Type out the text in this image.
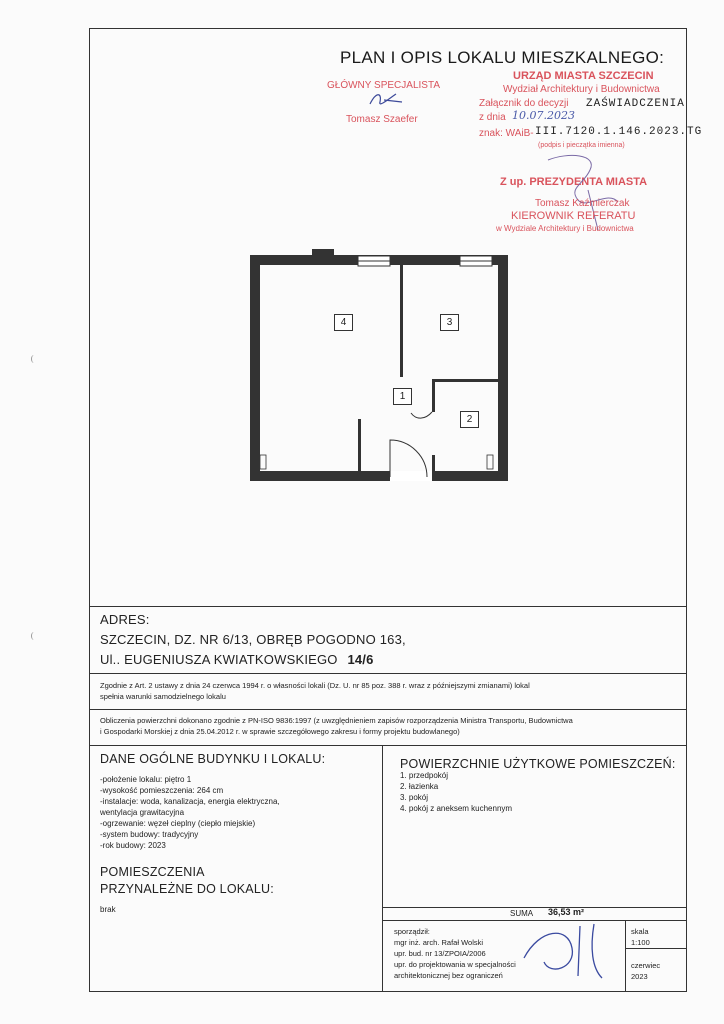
PLAN I OPIS LOKALU MIESZKALNEGO:
GŁÓWNY SPECJALISTA
Tomasz Szaefer
URZĄD MIASTA SZCZECIN
Wydział Architektury i Budownictwa
Załącznik do decyzji ZAŚWIADCZENIA
z dnia 10.07.2023
znak: WAiB- III.7120.1.146.2023.TG
(podpis i pieczątka imienna)
Z up. PREZYDENTA MIASTA
Tomasz Kaźmierczak
KIEROWNIK REFERATU
w Wydziale Architektury i Budownictwa
4	3
1
2
ADRES:
SZCZECIN, DZ. NR 6/13, OBRĘB POGODNO 163,
Ul.. EUGENIUSZA KWIATKOWSKIEGO 14/6
Zgodnie z Art. 2 ustawy z dnia 24 czerwca 1994 r. o własności lokali (Dz. U. nr 85 poz. 388 r. wraz z późniejszymi zmianami) lokal
spełnia warunki samodzielnego lokalu
Obliczenia powierzchni dokonano zgodnie z PN-ISO 9836:1997 (z uwzględnieniem zapisów rozporządzenia Ministra Transportu, Budownictwa
i Gospodarki Morskiej z dnia 25.04.2012 r. w sprawie szczegółowego zakresu i formy projektu budowlanego)
DANE OGÓLNE BUDYNKU I LOKALU:
-położenie lokalu: piętro 1
-wysokość pomieszczenia: 264 cm
-instalacje: woda, kanalizacja, energia elektryczna,
wentylacja grawitacyjna
-ogrzewanie: węzeł cieplny (ciepło miejskie)
-system budowy: tradycyjny
-rok budowy: 2023
POMIESZCZENIA
PRZYNALEŻNE DO LOKALU:
brak
POWIERZCHNIE UŻYTKOWE POMIESZCZEŃ:
1. przedpokój
2. łazienka
3. pokój
4. pokój z aneksem kuchennym
SUMA 36,53 m²
sporządził:
mgr inż. arch. Rafał Wolski
upr. bud. nr 13/ZPOIA/2006
upr. do projektowania w specjalności
architektonicznej bez ograniczeń
skala
1:100
czerwiec
2023
